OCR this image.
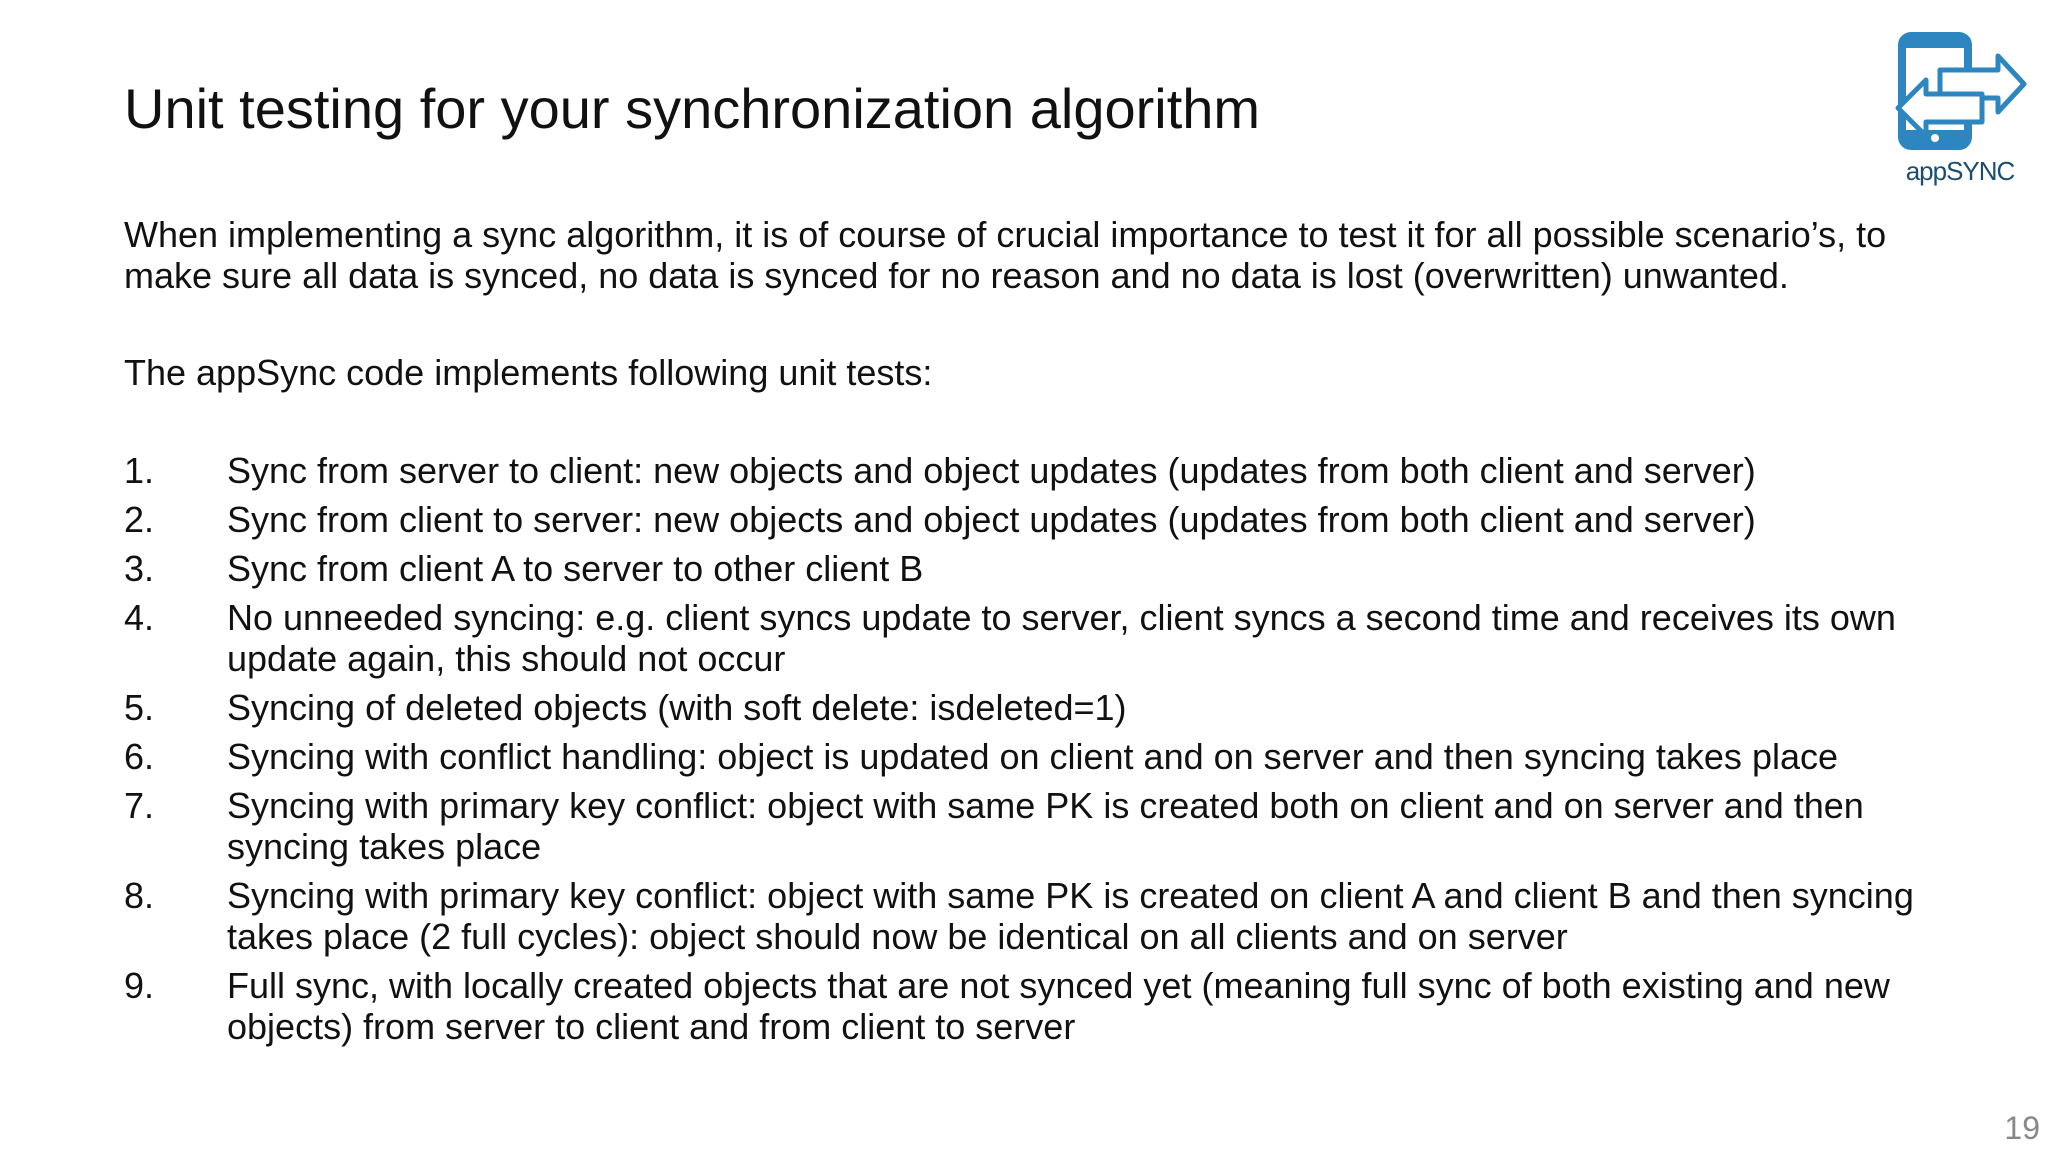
Unit testing for your synchronization algorithm
appSYNC

When implementing a sync algorithm, it is of course of crucial importance to test it for all possible scenario’s, to make sure all data is synced, no data is synced for no reason and no data is lost (overwritten) unwanted.

The appSync code implements following unit tests:

1.	Sync from server to client: new objects and object updates (updates from both client and server)
2.	Sync from client to server: new objects and object updates (updates from both client and server)
3.	Sync from client A to server to other client B
4.	No unneeded syncing: e.g. client syncs update to server, client syncs a second time and receives its own update again, this should not occur
5.	Syncing of deleted objects (with soft delete: isdeleted=1)
6.	Syncing with conflict handling: object is updated on client and on server and then syncing takes place
7.	Syncing with primary key conflict: object with same PK is created both on client and on server and then syncing takes place
8.	Syncing with primary key conflict: object with same PK is created on client A and client B and then syncing takes place (2 full cycles): object should now be identical on all clients and on server
9.	Full sync, with locally created objects that are not synced yet (meaning full sync of both existing and new objects) from server to client and from client to server
19
